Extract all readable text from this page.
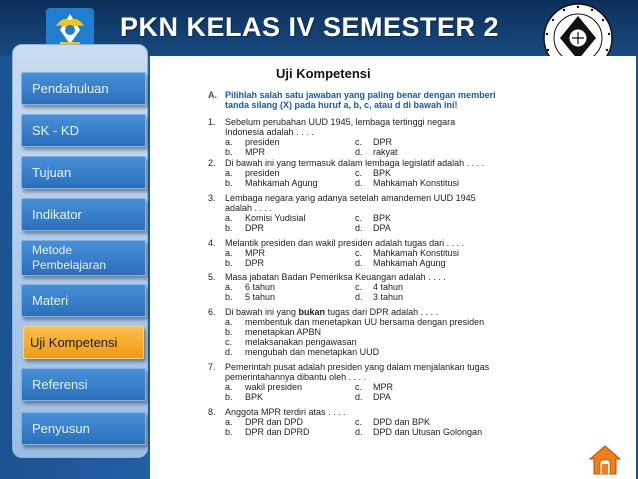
PKN KELAS IV SEMESTER 2
Pendahuluan
SK - KD
Tujuan
Indikator
Metode
Pembelajaran
Materi
Uji Kompetensi
Referensi
Penyusun
Uji Kompetensi
A. Pilihlah salah satu jawaban yang paling benar dengan memberi
tanda silang (X) pada huruf a, b, c, atau d di bawah ini!
1. Sebelum perubahan UUD 1945, lembaga tertinggi negara
Indonesia adalah . . . .
a. presiden	c. DPR
b. MPR	d. rakyat
2. Di bawah ini yang termasuk dalam lembaga legislatif adalah . . . .
a. presiden	c. BPK
b. Mahkamah Agung	d. Mahkamah Konstitusi
3. Lembaga negara yang adanya setelah amandemen UUD 1945
adalah . . . .
a. Komisi Yudisial	c. BPK
b. DPR	d. DPA
4. Melantik presiden dan wakil presiden adalah tugas dari . . . .
a. MPR	c. Mahkamah Konstitusi
b. DPR	d. Mahkamah Agung
5. Masa jabatan Badan Pemeriksa Keuangan adalah . . . .
a. 6 tahun	c. 4 tahun
b. 5 tahun	d. 3 tahun
6. Di bawah ini yang bukan tugas dari DPR adalah . . . .
a. membentuk dan menetapkan UU bersama dengan presiden
b. menetapkan APBN
c. melaksanakan pengawasan
d. mengubah dan menetapkan UUD
7. Pemerintah pusat adalah presiden yang dalam menjalankan tugas
pemerintahannya dibantu oleh . . . .
a. wakil presiden	c. MPR
b. BPK	d. DPA
8. Anggota MPR terdiri atas . . . .
a. DPR dan DPD	c. DPD dan BPK
b. DPR dan DPRD	d. DPD dan Utusan Golongan
